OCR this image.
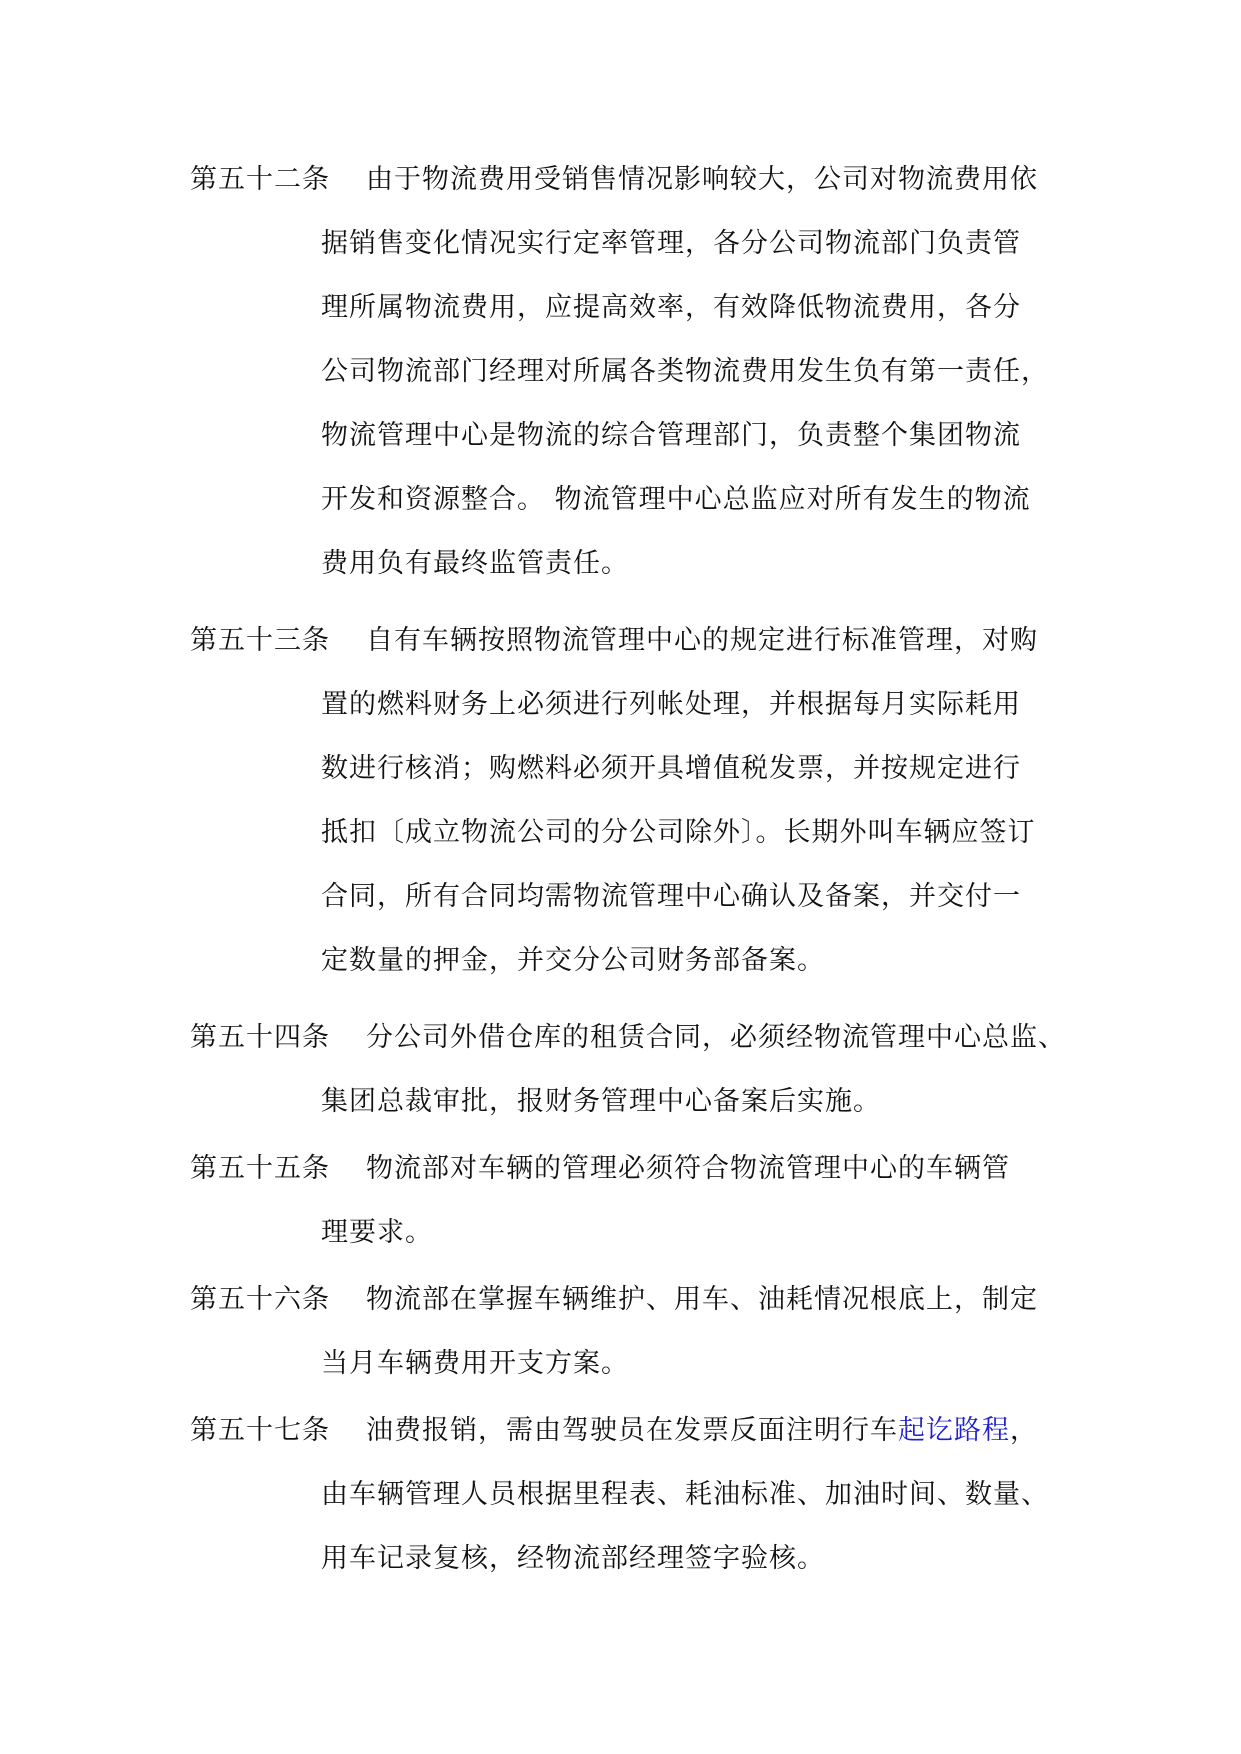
第五十二条 由于物流费用受销售情况影响较大，公司对物流费用依
据销售变化情况实行定率管理，各分公司物流部门负责管
理所属物流费用，应提高效率，有效降低物流费用，各分
公司物流部门经理对所属各类物流费用发生负有第一责任，
物流管理中心是物流的综合管理部门，负责整个集团物流
开发和资源整合。 物流管理中心总监应对所有发生的物流
费用负有最终监管责任。
第五十三条 自有车辆按照物流管理中心的规定进行标准管理，对购
置的燃料财务上必须进行列帐处理，并根据每月实际耗用
数进行核消；购燃料必须开具增值税发票，并按规定进行
抵扣〔成立物流公司的分公司除外〕。长期外叫车辆应签订
合同，所有合同均需物流管理中心确认及备案，并交付一
定数量的押金，并交分公司财务部备案。
第五十四条 分公司外借仓库的租赁合同，必须经物流管理中心总监、
集团总裁审批，报财务管理中心备案后实施。
第五十五条 物流部对车辆的管理必须符合物流管理中心的车辆管
理要求。
第五十六条 物流部在掌握车辆维护、用车、油耗情况根底上，制定
当月车辆费用开支方案。
第五十七条 油费报销，需由驾驶员在发票反面注明行车起讫路程，
由车辆管理人员根据里程表、耗油标准、加油时间、数量、
用车记录复核，经物流部经理签字验核。
